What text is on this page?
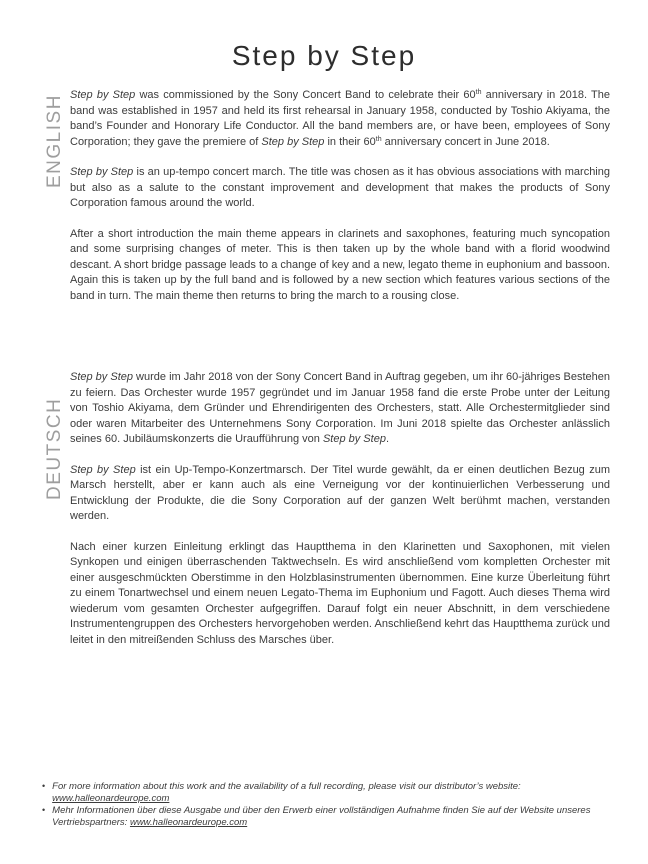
Step by Step
ENGLISH Step by Step was commissioned by the Sony Concert Band to celebrate their 60th anniversary in 2018. The band was established in 1957 and held its first rehearsal in January 1958, conducted by Toshio Akiyama, the band’s Founder and Honorary Life Conductor. All the band members are, or have been, employees of Sony Corporation; they gave the premiere of Step by Step in their 60th anniversary concert in June 2018.

Step by Step is an up-tempo concert march. The title was chosen as it has obvious associations with marching but also as a salute to the constant improvement and development that makes the products of Sony Corporation famous around the world.

After a short introduction the main theme appears in clarinets and saxophones, featuring much syncopation and some surprising changes of meter. This is then taken up by the whole band with a florid woodwind descant. A short bridge passage leads to a change of key and a new, legato theme in euphonium and bassoon. Again this is taken up by the full band and is followed by a new section which features various sections of the band in turn. The main theme then returns to bring the march to a rousing close.

DEUTSCH

Step by Step wurde im Jahr 2018 von der Sony Concert Band in Auftrag gegeben, um ihr 60-jähriges Bestehen zu feiern. Das Orchester wurde 1957 gegründet und im Januar 1958 fand die erste Probe unter der Leitung von Toshio Akiyama, dem Gründer und Ehrendirigenten des Orchesters, statt. Alle Orchestermitglieder sind oder waren Mitarbeiter des Unternehmens Sony Corporation. Im Juni 2018 spielte das Orchester anlässlich seines 60. Jubiläumskonzerts die Uraufführung von Step by Step.

Step by Step ist ein Up-Tempo-Konzertmarsch. Der Titel wurde gewählt, da er einen deutlichen Bezug zum Marsch herstellt, aber er kann auch als eine Verneigung vor der kontinuierlichen Verbesserung und Entwicklung der Produkte, die die Sony Corporation auf der ganzen Welt berühmt machen, verstanden werden.

Nach einer kurzen Einleitung erklingt das Hauptthema in den Klarinetten und Saxophonen, mit vielen Synkopen und einigen überraschenden Taktwechseln. Es wird anschließend vom kompletten Orchester mit einer ausgeschmückten Oberstimme in den Holzblasinstrumenten übernommen. Eine kurze Überleitung führt zu einem Tonartwechsel und einem neuen Legato-Thema im Euphonium und Fagott. Auch dieses Thema wird wiederum vom gesamten Orchester aufgegriffen. Darauf folgt ein neuer Abschnitt, in dem verschiedene Instrumentengruppen des Orchesters hervorgehoben werden. Anschließend kehrt das Hauptthema zurück und leitet in den mitreißenden Schluss des Marsches über.

• For more information about this work and the availability of a full recording, please visit our distributor’s website: www.halleonardeurope.com
• Mehr Informationen über diese Ausgabe und über den Erwerb einer vollständigen Aufnahme finden Sie auf der Website unseres Vertriebspartners: www.halleonardeurope.com
